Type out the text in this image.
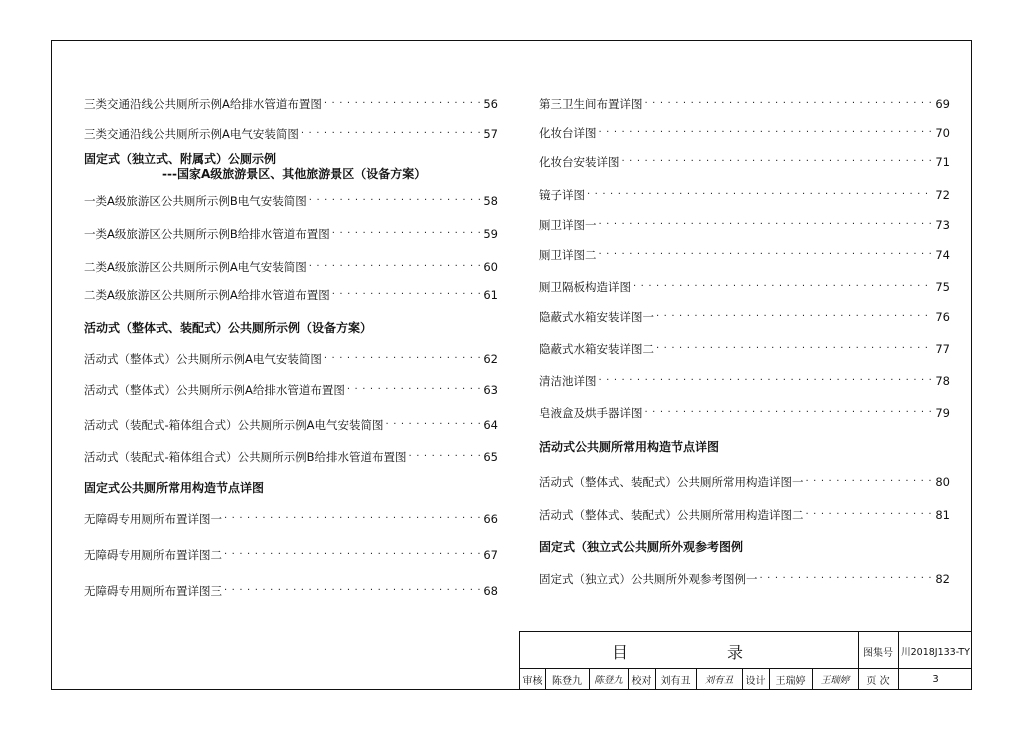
三类交通沿线公共厕所示例A给排水管道布置图 ·····	56
三类交通沿线公共厕所示例A电气安装简图 ·····	57
固定式（独立式、附属式）公厕示例
---国家A级旅游景区、其他旅游景区（设备方案）
一类A级旅游区公共厕所示例B电气安装简图 ·····	58
一类A级旅游区公共厕所示例B给排水管道布置图 ·····	59
二类A级旅游区公共厕所示例A电气安装简图 ·····	60
二类A级旅游区公共厕所示例A给排水管道布置图 ·····	61
活动式（整体式、装配式）公共厕所示例（设备方案）
活动式（整体式）公共厕所示例A电气安装简图 ·····	62
活动式（整体式）公共厕所示例A给排水管道布置图 ·····	63
活动式（装配式-箱体组合式）公共厕所示例A电气安装简图 ·····	64
活动式（装配式-箱体组合式）公共厕所示例B给排水管道布置图 ·····	65
固定式公共厕所常用构造节点详图
无障碍专用厕所布置详图一 ·····	66
无障碍专用厕所布置详图二 ·····	67
无障碍专用厕所布置详图三 ·····	68
第三卫生间布置详图 ·····	69
化妆台详图 ·····	70
化妆台安装详图 ·····	71
镜子详图 ·····	72
厕卫详图一 ·····	73
厕卫详图二 ·····	74
厕卫隔板构造详图 ·····	75
隐蔽式水箱安装详图一 ·····	76
隐蔽式水箱安装详图二 ·····	77
清洁池详图 ·····	78
皂液盒及烘手器详图 ·····	79
活动式公共厕所常用构造节点详图
活动式（整体式、装配式）公共厕所常用构造详图一 ·····	80
活动式（整体式、装配式）公共厕所常用构造详图二 ·····	81
固定式（独立式公共厕所外观参考图例
固定式（独立式）公共厕所外观参考图例一 ·····	82
目	录	图集号 川2018J133-TY
审核 陈登九	陈登九 校对 刘有丑	刘有丑	设计	王瑞婷	王瑞婷	页 次	3
